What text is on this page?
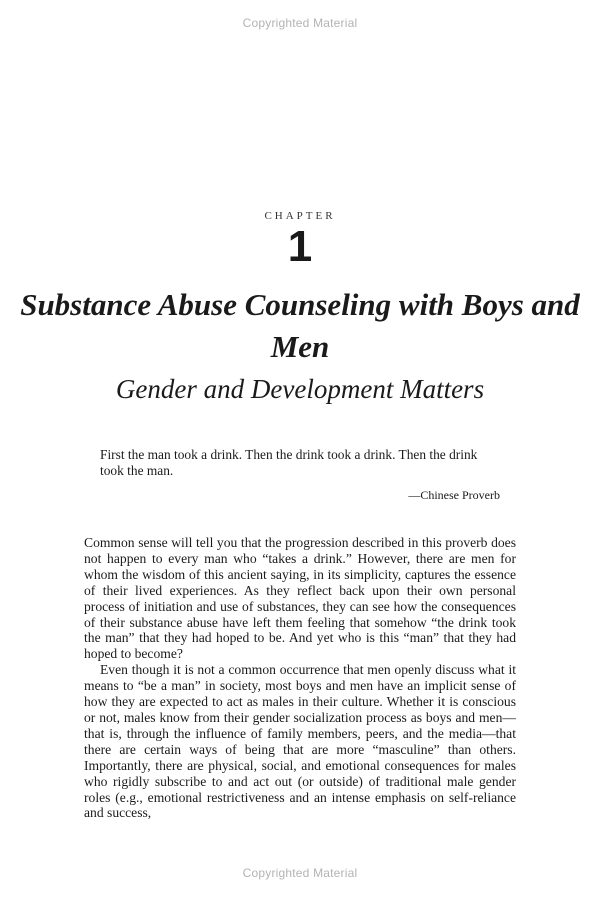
Copyrighted Material
CHAPTER
1
Substance Abuse Counseling with Boys and Men
Gender and Development Matters
First the man took a drink. Then the drink took a drink. Then the drink took the man.
—Chinese Proverb

Common sense will tell you that the progression described in this proverb does not happen to every man who “takes a drink.” However, there are men for whom the wisdom of this ancient saying, in its simplicity, captures the essence of their lived experiences. As they reflect back upon their own personal process of initiation and use of substances, they can see how the consequences of their substance abuse have left them feeling that somehow “the drink took the man” that they had hoped to be. And yet who is this “man” that they had hoped to become?

Even though it is not a common occurrence that men openly discuss what it means to “be a man” in society, most boys and men have an implicit sense of how they are expected to act as males in their culture. Whether it is conscious or not, males know from their gender socialization process as boys and men—that is, through the influence of family members, peers, and the media—that there are certain ways of being that are more “masculine” than others. Importantly, there are physical, social, and emotional consequences for males who rigidly subscribe to and act out (or outside) of traditional male gender roles (e.g., emotional restrictiveness and an intense emphasis on self-reliance and success,

Copyrighted Material
